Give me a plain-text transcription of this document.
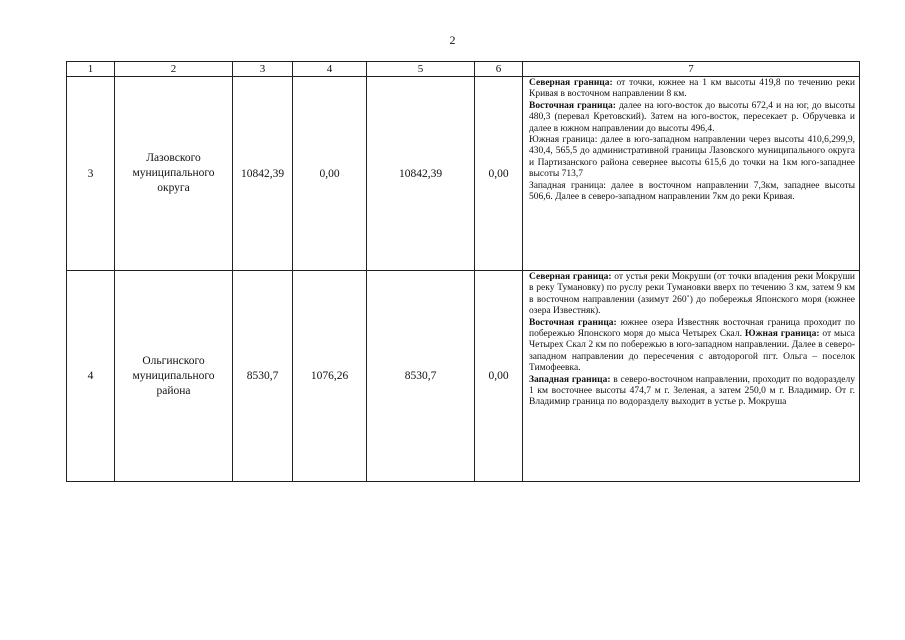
2
1	2	3	4	5	6	7
3	Лазовского муниципального округа	10842,39	0,00	10842,39	0,00	Северная граница: от точки, южнее на 1 км высоты 419,8 по течению реки Кривая в восточном направлении 8 км.

Восточная граница: далее на юго-восток до высоты 672,4 и на юг, до высоты 480,3 (перевал Кретовский). Затем на юго-восток, пересекает р. Обручевка и далее в южном направлении до высоты 496,4.

Южная граница: далее в юго-западном направлении через высоты 410,6,299,9, 430,4, 565,5 до административной границы Лазовского муниципального округа и Партизанского района севернее высоты 615,6 до точки на 1км юго-западнее высоты 713,7

Западная граница: далее в восточном направлении 7,3км, западнее высоты 506,6. Далее в северо-западном направлении 7км до реки Кривая.

4	Ольгинского муниципального района	8530,7	1076,26	8530,7	0,00	Северная граница: от устья реки Мокруши (от точки впадения реки Мокруши в реку Тумановку) по руслу реки Тумановки вверх по течению 3 км, затем 9 км в восточном направлении (азимут 260˚) до побережья Японского моря (южнее озера Известняк).

Восточная граница: южнее озера Известняк восточная граница проходит по побережью Японского моря до мыса Четырех Скал. Южная граница: от мыса Четырех Скал 2 км по побережью в юго-западном направлении. Далее в северо-западном направлении до пересечения с автодорогой пгт. Ольга – поселок Тимофеевка.

Западная граница: в северо-восточном направлении, проходит по водоразделу 1 км восточнее высоты 474,7 м г. Зеленая, а затем 250,0 м г. Владимир. От г. Владимир граница по водоразделу выходит в устье р. Мокруша
